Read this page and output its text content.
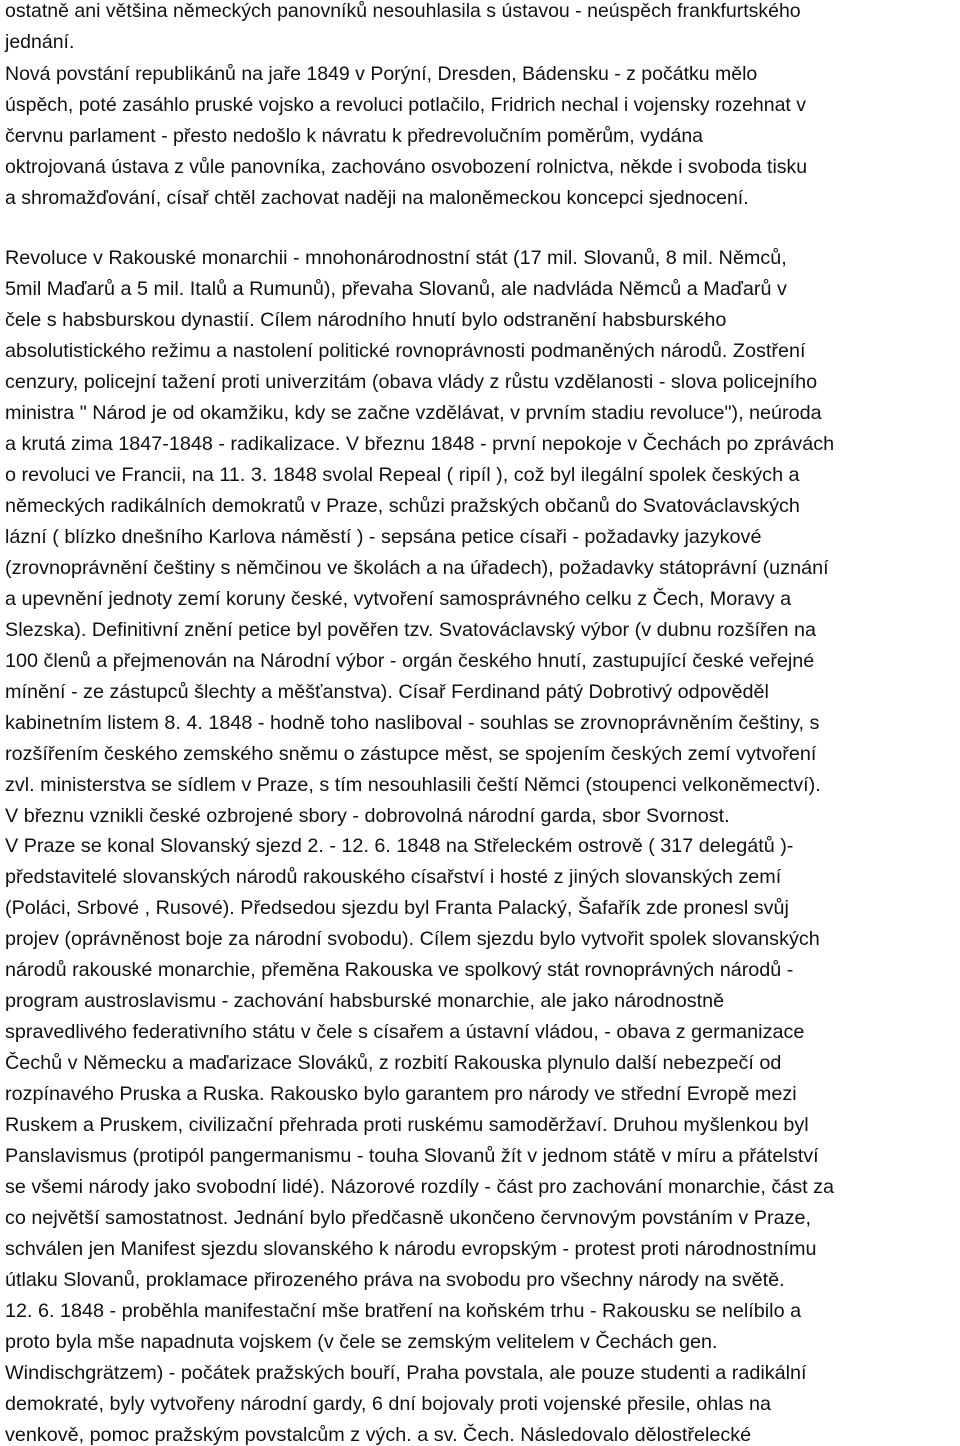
ostatně ani většina německých panovníků nesouhlasila s ústavou - neúspěch frankfurtského
jednání.
Nová povstání republikánů na jaře 1849 v Porýní, Dresden, Bádensku - z počátku mělo
úspěch, poté zasáhlo pruské vojsko a revoluci potlačilo, Fridrich nechal i vojensky rozehnat v
červnu parlament - přesto nedošlo k návratu k předrevolučním poměrům, vydána
oktrojovaná ústava z vůle panovníka, zachováno osvobození rolnictva, někde i svoboda tisku
a shromažďování, císař chtěl zachovat naději na maloněmeckou koncepci sjednocení.
Revoluce v Rakouské monarchii - mnohonárodnostní stát (17 mil. Slovanů, 8 mil. Němců,
5mil Maďarů a 5 mil. Italů a Rumunů), převaha Slovanů, ale nadvláda Němců a Maďarů v
čele s habsburskou dynastií. Cílem národního hnutí bylo odstranění habsburského
absolutistického režimu a nastolení politické rovnoprávnosti podmaněných národů. Zostření
cenzury, policejní tažení proti univerzitám (obava vlády z růstu vzdělanosti - slova policejního
ministra " Národ je od okamžiku, kdy se začne vzdělávat, v prvním stadiu revoluce"), neúroda
a krutá zima 1847-1848 - radikalizace. V březnu 1848 - první nepokoje v Čechách po zprávách
o revoluci ve Francii, na 11. 3. 1848 svolal Repeal ( ripíl ), což byl ilegální spolek českých a
německých radikálních demokratů v Praze, schůzi pražských občanů do Svatováclavských
lázní ( blízko dnešního Karlova náměstí ) - sepsána petice císaři - požadavky jazykové
(zrovnoprávnění češtiny s němčinou ve školách a na úřadech), požadavky státoprávní (uznání
a upevnění jednoty zemí koruny české, vytvoření samosprávného celku z Čech, Moravy a
Slezska). Definitivní znění petice byl pověřen tzv. Svatováclavský výbor (v dubnu rozšířen na
100 členů a přejmenován na Národní výbor - orgán českého hnutí, zastupující české veřejné
mínění - ze zástupců šlechty a měšťanstva). Císař Ferdinand pátý Dobrotivý odpověděl
kabinetním listem 8. 4. 1848 - hodně toho nasliboval - souhlas se zrovnoprávněním češtiny, s
rozšířením českého zemského sněmu o zástupce měst, se spojením českých zemí vytvoření
zvl. ministerstva se sídlem v Praze, s tím nesouhlasili čeští Němci (stoupenci velkoněmectví).
V březnu vznikli české ozbrojené sbory - dobrovolná národní garda, sbor Svornost.
V Praze se konal Slovanský sjezd 2. - 12. 6. 1848 na Střeleckém ostrově ( 317 delegátů )-
představitelé slovanských národů rakouského císařství i hosté z jiných slovanských zemí
(Poláci, Srbové , Rusové). Předsedou sjezdu byl Franta Palacký, Šafařík zde pronesl svůj
projev (oprávněnost boje za národní svobodu). Cílem sjezdu bylo vytvořit spolek slovanských
národů rakouské monarchie, přeměna Rakouska ve spolkový stát rovnoprávných národů -
program austroslavismu - zachování habsburské monarchie, ale jako národnostně
spravedlivého federativního státu v čele s císařem a ústavní vládou, - obava z germanizace
Čechů v Německu a maďarizace Slováků, z rozbití Rakouska plynulo další nebezpečí od
rozpínavého Pruska a Ruska. Rakousko bylo garantem pro národy ve střední Evropě mezi
Ruskem a Pruskem, civilizační přehrada proti ruskému samoděržaví. Druhou myšlenkou byl
Panslavismus (protipól pangermanismu - touha Slovanů žít v jednom státě v míru a přátelství
se všemi národy jako svobodní lidé). Názorové rozdíly - část pro zachování monarchie, část za
co největší samostatnost. Jednání bylo předčasně ukončeno červnovým povstáním v Praze,
schválen jen Manifest sjezdu slovanského k národu evropským - protest proti národnostnímu
útlaku Slovanů, proklamace přirozeného práva na svobodu pro všechny národy na světě.
12. 6. 1848 - proběhla manifestační mše bratření na koňském trhu - Rakousku se nelíbilo a
proto byla mše napadnuta vojskem (v čele se zemským velitelem v Čechách gen.
Windischgrätzem) - počátek pražských bouří, Praha povstala, ale pouze studenti a radikální
demokraté, byly vytvořeny národní gardy, 6 dní bojovaly proti vojenské přesile, ohlas na
venkově, pomoc pražským povstalcům z vých. a sv. Čech. Následovalo dělostřelecké
